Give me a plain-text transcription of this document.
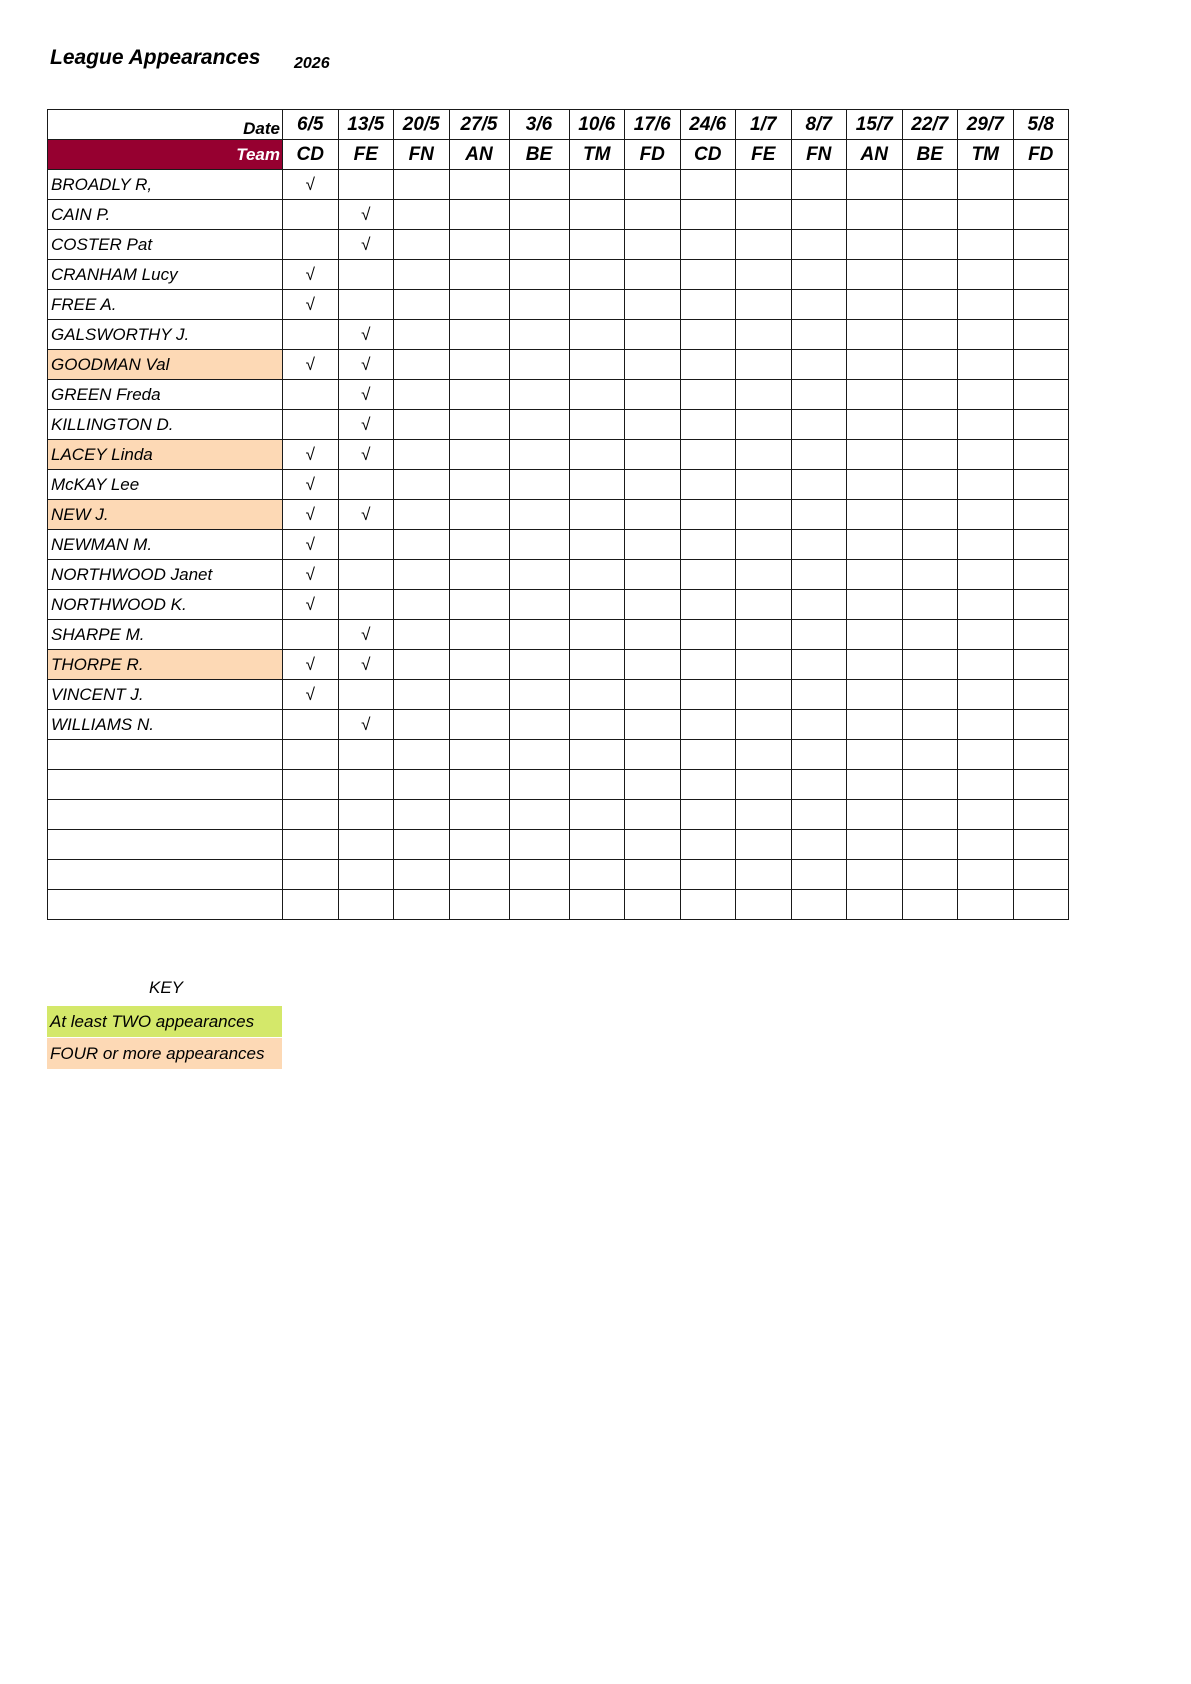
League Appearances 2026
Date	6/5	13/5	20/5	27/5	3/6	10/6	17/6	24/6	1/7	8/7	15/7	22/7	29/7	5/8
Team	CD	FE	FN	AN	BE	TM	FD	CD	FE	FN	AN	BE	TM	FD
BROADLY R,	√													
CAIN P.		√												
COSTER Pat		√												
CRANHAM Lucy	√													
FREE A.	√													
GALSWORTHY J.		√												
GOODMAN Val	√	√												
GREEN Freda		√												
KILLINGTON D.		√												
LACEY Linda	√	√												
McKAY Lee	√													
NEW J.	√	√												
NEWMAN M.	√													
NORTHWOOD Janet	√													
NORTHWOOD K.	√													
SHARPE M.		√												
THORPE R.	√	√												
VINCENT J.	√													
WILLIAMS N.		√												

KEY
At least TWO appearances
FOUR or more appearances
